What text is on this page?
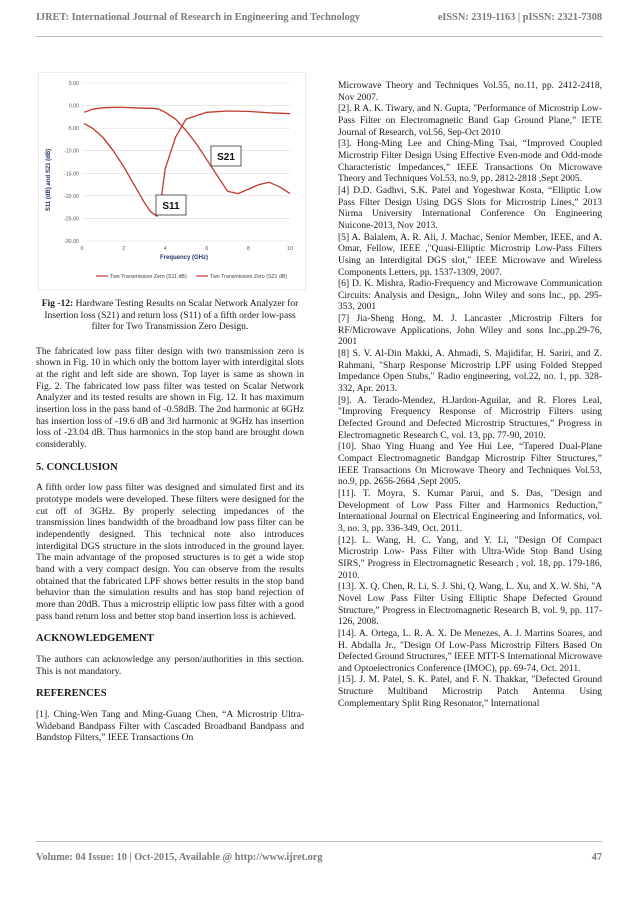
IJRET: International Journal of Research in Engineering and Technology	eISSN: 2319-1163 | pISSN: 2321-7308
5.00
0.00
-5.00
-10.00
-15.00
-20.00
-25.00
-30.00
0	2	4	6	8	10
Frequency (GHz)
S11 (dB) and S21 (dB)	S21
S11
Two Transmission Zero (S11 dB)	Two Transmission Zero (S21 dB)

Fig -12: Hardware Testing Results on Scalar Network Analyzer for Insertion loss (S21) and return loss (S11) of a fifth order low-pass filter for Two Transmission Zero Design.

The fabricated low pass filter design with two transmission zero is shown in Fig. 10 in which only the bottom layer with interdigital slots at the right and left side are shown. Top layer is same as shown in Fig. 2. The fabricated low pass filter was tested on Scalar Network Analyzer and its tested results are shown in Fig. 12. It has maximum insertion loss in the pass band of -0.58dB. The 2nd harmonic at 6GHz has insertion loss of -19.6 dB and 3rd harmonic at 9GHz has insertion loss of -23.04 dB. Thus harmonics in the stop band are brought down considerably.

5. CONCLUSION

A fifth order low pass filter was designed and simulated first and its prototype models were developed. These filters were designed for the cut off of 3GHz. By properly selecting impedances of the transmission lines bandwidth of the broadband low pass filter can be independently designed. This technical note also introduces interdigital DGS structure in the slots introduced in the ground layer. The main advantage of the proposed structures is to get a wide stop band with a very compact design. You can observe from the results obtained that the fabricated LPF shows better results in the stop band behavior than the simulation results and has stop band rejection of more than 20dB. Thus a microstrip elliptic low pass filter with a good pass band return loss and better stop band insertion loss is achieved.

ACKNOWLEDGEMENT

The authors can acknowledge any person/authorities in this section. This is not mandatory.

REFERENCES

[1]. Ching-Wen Tang and Ming-Guang Chen, “A Microstrip Ultra-Wideband Bandpass Filter with Cascaded Broadband Bandpass and Bandstop Filters,” IEEE Transactions On

Microwave Theory and Techniques Vol.55, no.11, pp. 2412-2418, Nov 2007.

[2]. R A. K. Tiwary, and N. Gupta, "Performance of Microstrip Low-Pass Filter on Electromagnetic Band Gap Ground Plane,” IETE Journal of Research, vol.56, Sep-Oct 2010

[3]. Hong-Ming Lee and Ching-Ming Tsai, “Improved Coupled Microstrip Filter Design Using Effective Even-mode and Odd-mode Characteristic Impedances,” IEEE Transactions On Microwave Theory and Techniques Vol.53, no.9, pp. 2812-2818 ,Sept 2005.

[4] D.D. Gadhvi, S.K. Patel and Yogeshwar Kosta, “Elliptic Low Pass Filter Design Using DGS Slots for Microstrip Lines,” 2013 Nirma University International Conference On Engineering Nuicone-2013, Nov 2013.

[5] A. Balalem, A. R. Ali, J. Machac, Senior Member, IEEE, and A. Omar, Fellow, IEEE ,"Quasi-Elliptic Microstrip Low-Pass Filters Using an Interdigital DGS slot," IEEE Microwave and Wireless Components Letters, pp. 1537-1309, 2007.

[6] D. K. Mishra, Radio-Frequency and Microwave Communication Circuits: Analysis and Design,, John Wiley and sons Inc., pp. 295-353, 2001

[7] Jia-Sheng Hong, M. J. Lancaster ,Microstrip Filters for RF/Microwave Applications, John Wiley and sons Inc.,pp.29-76, 2001

[8] S. V. Al-Din Makki, A. Ahmadi, S. Majidifar, H. Sariri, and Z. Rahmani, "Sharp Response Microstrip LPF using Folded Stepped Impedance Open Stubs," Radio engineering, vol.22, no. 1, pp. 328-332, Apr. 2013.

[9]. A. Terado-Mendez, H.Jardon-Aguilar, and R. Flores Leal, "Improving Frequency Response of Microstrip Filters using Defected Ground and Defected Microstrip Structures,” Progress in Electromagnetic Research C, vol. 13, pp. 77-90, 2010.

[10]. Shao Ying Huang and Yee Hui Lee, “Tapered Dual-Plane Compact Electromagnetic Bandgap Microstrip Filter Structures,” IEEE Transactions On Microwave Theory and Techniques Vol.53, no.9, pp. 2656-2664 ,Sept 2005.

[11]. T. Moyra, S. Kumar Parui, and S. Das, "Design and Development of Low Pass Filter and Harmonics Reduction,” International Journal on Electrical Engineering and Informatics, vol. 3, no. 3, pp. 336-349, Oct. 2011.

[12]. L. Wang, H. C. Yang, and Y. Li, "Design Of Compact Microstrip Low- Pass Filter with Ultra-Wide Stop Band Using SIRS,” Progress in Electromagnetic Research , vol. 18, pp. 179-186, 2010.

[13]. X. Q. Chen, R. Li, S. J. Shi, Q. Wang, L. Xu, and X. W. Shi, "A Novel Low Pass Filter Using Elliptic Shape Defected Ground Structure,” Progress in Electromagnetic Research B, vol. 9, pp. 117-126, 2008.

[14]. A. Ortega, L. R. A. X. De Menezes, A. J. Martins Soares, and H. Abdalla Jr., "Design Of Low-Pass Microstrip Filters Based On Defected Ground Structures,” IEEE MTT-S International Microwave and Optoelectronics Conference (IMOC), pp. 69-74, Oct. 2011.

[15]. J. M. Patel, S. K. Patel, and F. N. Thakkar, "Defected Ground Structure Multiband Microstrip Patch Antenna Using Complementary Split Ring Resonator,” International

Volume: 04 Issue: 10 | Oct-2015, Available @ http://www.ijret.org	47
